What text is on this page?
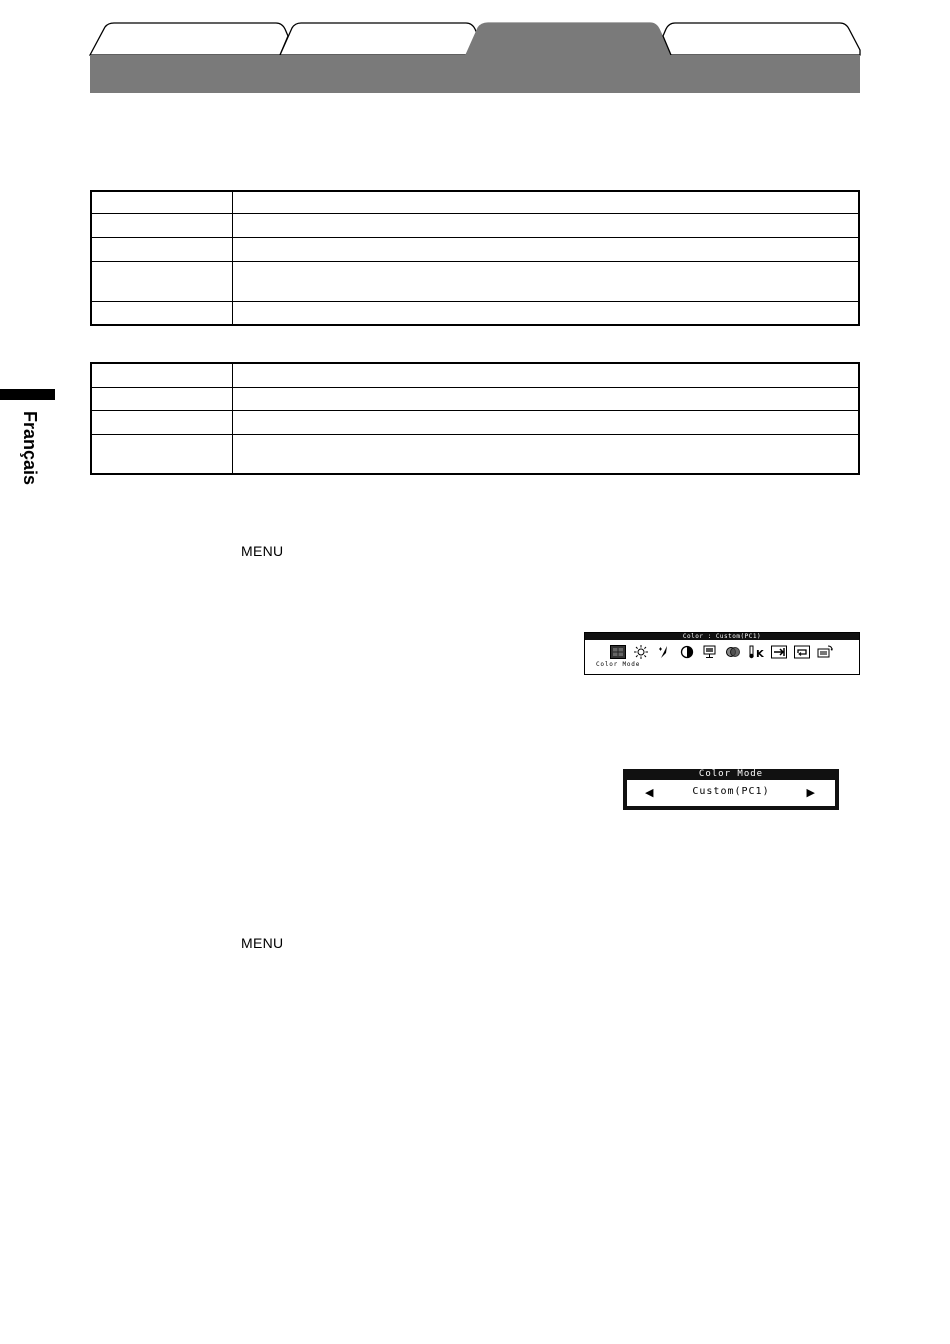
Français

MENU
MENU
Color : Custom(PC1)
K
Color Mode
Color Mode
◀	Custom(PC1)	▶
